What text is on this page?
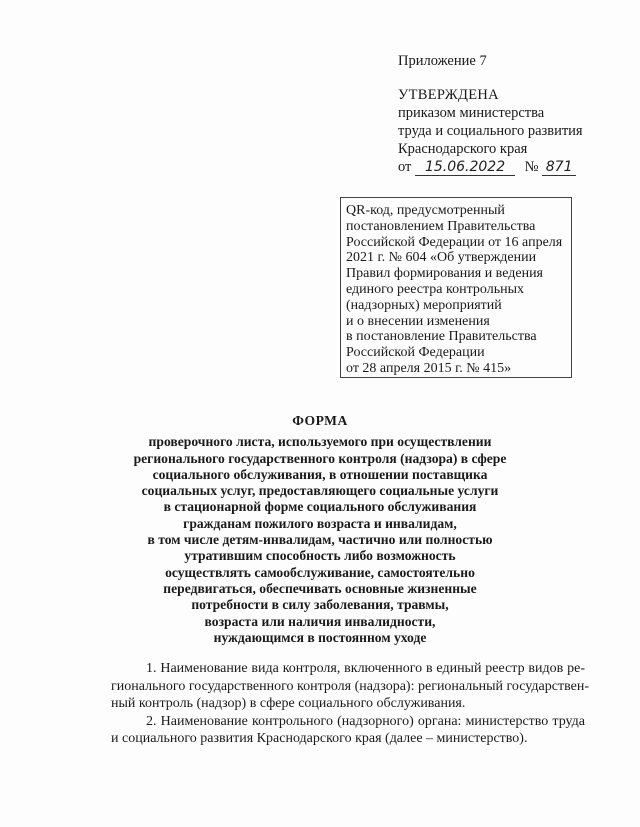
Приложение 7
УТВЕРЖДЕНА
приказом министерства
труда и социального развития
Краснодарского края
от 15.06.2022 № 871
QR-код, предусмотренный
постановлением Правительства
Российской Федерации от 16 апреля
2021 г. № 604 «Об утверждении
Правил формирования и ведения
единого реестра контрольных
(надзорных) мероприятий
и о внесении изменения
в постановление Правительства
Российской Федерации
от 28 апреля 2015 г. № 415»
ФОРМА
проверочного листа, используемого при осуществлении
регионального государственного контроля (надзора) в сфере
социального обслуживания, в отношении поставщика
социальных услуг, предоставляющего социальные услуги
в стационарной форме социального обслуживания
гражданам пожилого возраста и инвалидам,
в том числе детям-инвалидам, частично или полностью
утратившим способность либо возможность
осуществлять самообслуживание, самостоятельно
передвигаться, обеспечивать основные жизненные
потребности в силу заболевания, травмы,
возраста или наличия инвалидности,
нуждающимся в постоянном уходе
1. Наименование вида контроля, включенного в единый реестр видов ре-
гионального государственного контроля (надзора): региональный государствен-
ный контроль (надзор) в сфере социального обслуживания.
2. Наименование контрольного (надзорного) органа: министерство труда
и социального развития Краснодарского края (далее – министерство).
